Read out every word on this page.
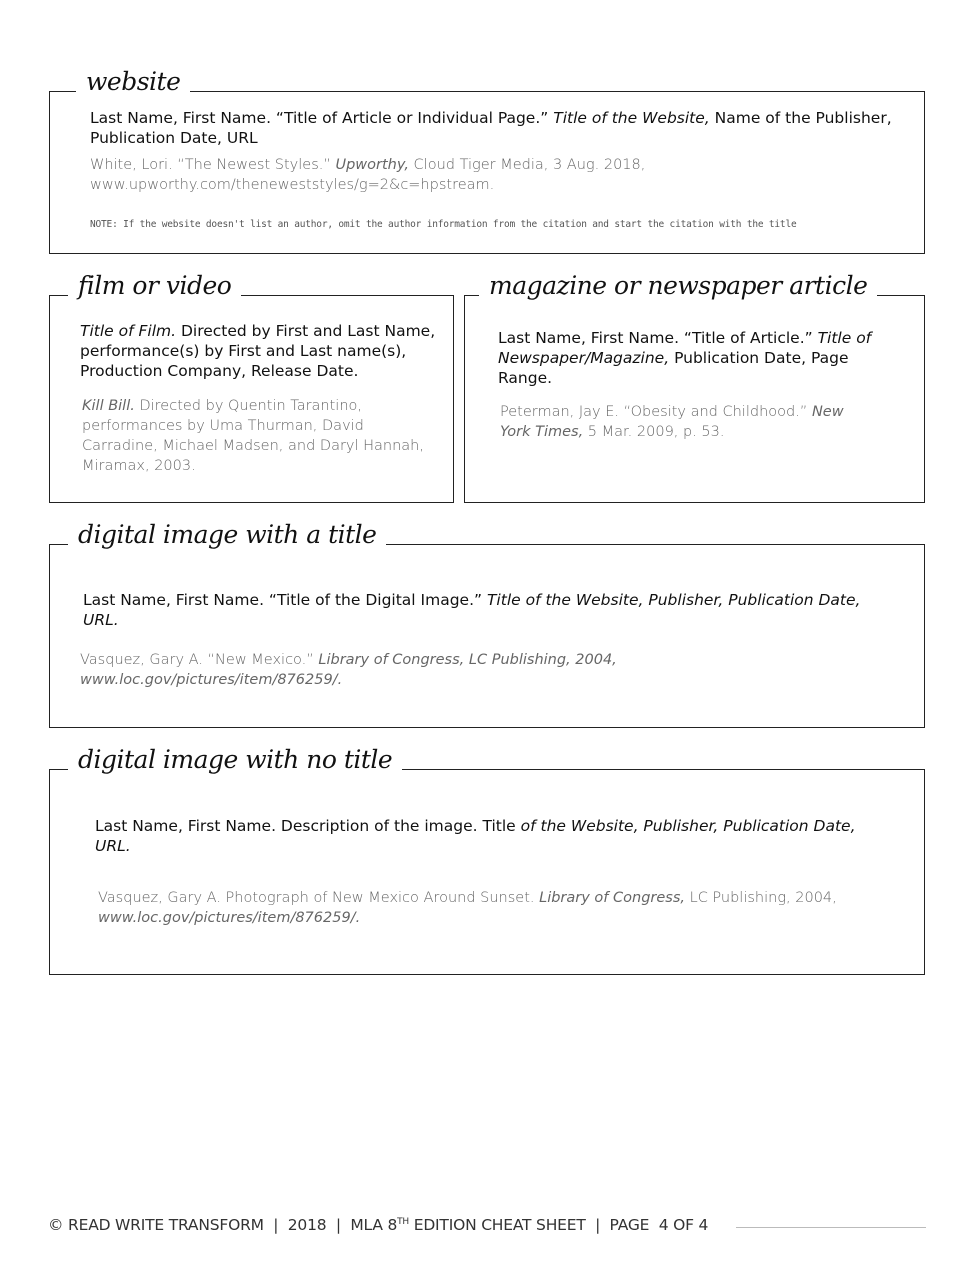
website
Last Name, First Name. “Title of Article or Individual Page.” Title of the Website, Name of the Publisher, Publication Date, URL
White, Lori. “The Newest Styles.” Upworthy, Cloud Tiger Media, 3 Aug. 2018, www.upworthy.com/theneweststyles/g=2&c=hpstream.
NOTE: If the website doesn't list an author, omit the author information from the citation and start the citation with the title
film or video
Title of Film. Directed by First and Last Name, performance(s) by First and Last name(s), Production Company, Release Date.
Kill Bill. Directed by Quentin Tarantino, performances by Uma Thurman, David Carradine, Michael Madsen, and Daryl Hannah, Miramax, 2003.
magazine or newspaper article
Last Name, First Name. “Title of Article.” Title of Newspaper/Magazine, Publication Date, Page Range.
Peterman, Jay E. “Obesity and Childhood.” New York Times, 5 Mar. 2009, p. 53.
digital image with a title
Last Name, First Name. “Title of the Digital Image.” Title of the Website, Publisher, Publication Date, URL.
Vasquez, Gary A. “New Mexico.” Library of Congress, LC Publishing, 2004, www.loc.gov/pictures/item/876259/.
digital image with no title
Last Name, First Name. Description of the image. Title of the Website, Publisher, Publication Date, URL.
Vasquez, Gary A. Photograph of New Mexico Around Sunset. Library of Congress, LC Publishing, 2004, www.loc.gov/pictures/item/876259/.
© READ WRITE TRANSFORM  |  2018  |  MLA 8TH EDITION CHEAT SHEET  |  PAGE  4 OF 4
